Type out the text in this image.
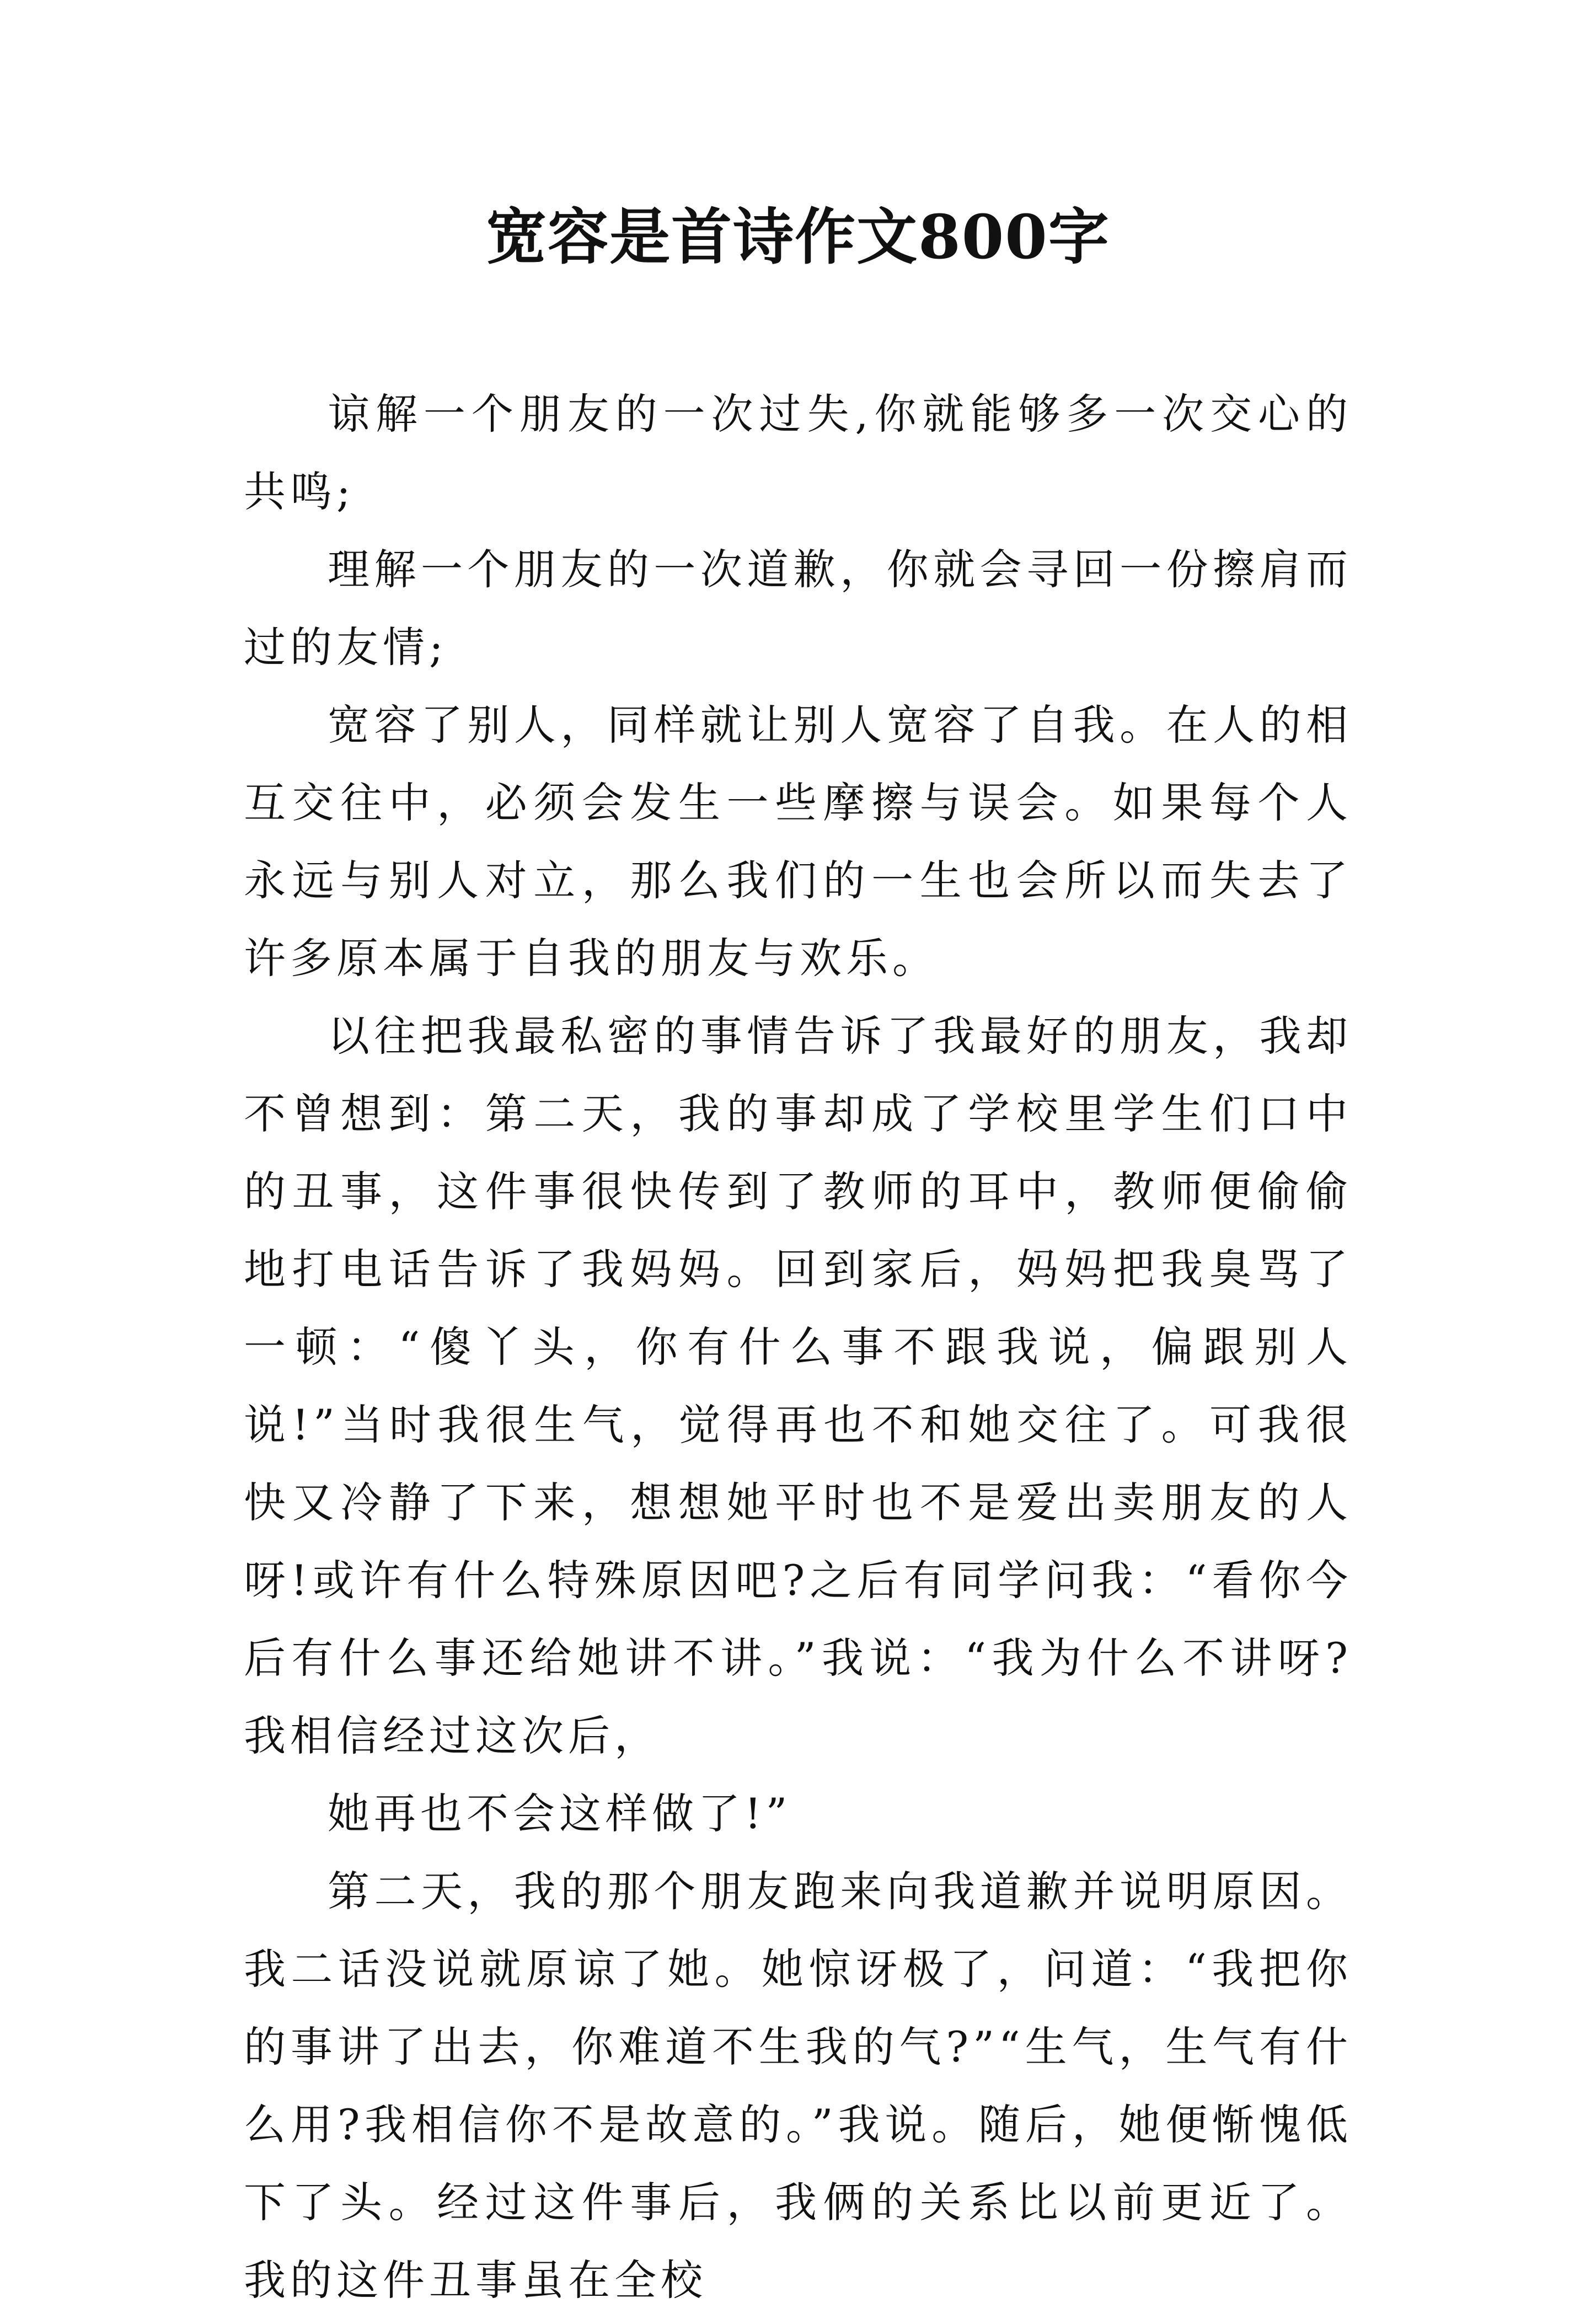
宽容是首诗作文800字

谅解一个朋友的一次过失,你就能够多一次交心的共鸣;

理解一个朋友的一次道歉，你就会寻回一份擦肩而过的友情;

宽容了别人，同样就让别人宽容了自我。在人的相互交往中，必须会发生一些摩擦与误会。如果每个人永远与别人对立，那么我们的一生也会所以而失去了许多原本属于自我的朋友与欢乐。

以往把我最私密的事情告诉了我最好的朋友，我却不曾想到：第二天，我的事却成了学校里学生们口中的丑事，这件事很快传到了教师的耳中，教师便偷偷地打电话告诉了我妈妈。回到家后，妈妈把我臭骂了一顿：“傻丫头，你有什么事不跟我说，偏跟别人说!”当时我很生气，觉得再也不和她交往了。可我很快又冷静了下来，想想她平时也不是爱出卖朋友的人呀!或许有什么特殊原因吧?之后有同学问我：“看你今后有什么事还给她讲不讲。”我说：“我为什么不讲呀?我相信经过这次后，

她再也不会这样做了!”

第二天，我的那个朋友跑来向我道歉并说明原因。我二话没说就原谅了她。她惊讶极了，问道：“我把你的事讲了出去，你难道不生我的气?”“生气，生气有什么用?我相信你不是故意的。”我说。随后，她便惭愧低下了头。经过这件事后，我俩的关系比以前更近了。我的这件丑事虽在全校
